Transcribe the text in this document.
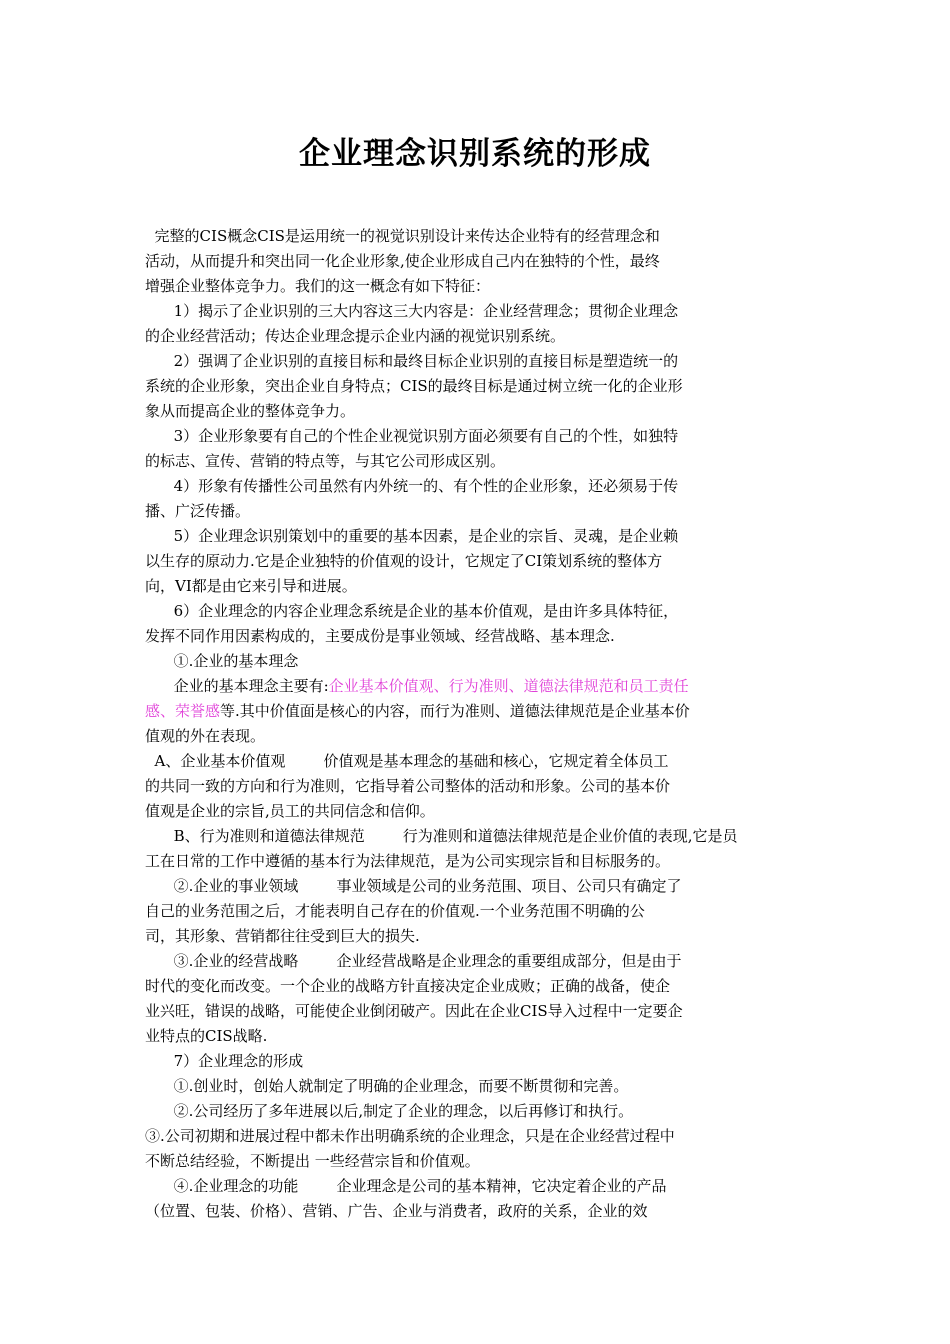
企业理念识别系统的形成
完整的CIS概念CIS是运用统一的视觉识别设计来传达企业特有的经营理念和
活动，从而提升和突出同一化企业形象,使企业形成自己内在独特的个性，最终
增强企业整体竞争力。我们的这一概念有如下特征：
1）揭示了企业识别的三大内容这三大内容是：企业经营理念；贯彻企业理念
的企业经营活动；传达企业理念提示企业内涵的视觉识别系统。
2）强调了企业识别的直接目标和最终目标企业识别的直接目标是塑造统一的
系统的企业形象，突出企业自身特点；CIS的最终目标是通过树立统一化的企业形
象从而提高企业的整体竞争力。
3）企业形象要有自己的个性企业视觉识别方面必须要有自己的个性，如独特
的标志、宣传、营销的特点等，与其它公司形成区别。
4）形象有传播性公司虽然有内外统一的、有个性的企业形象，还必须易于传
播、广泛传播。
5）企业理念识别策划中的重要的基本因素，是企业的宗旨、灵魂，是企业赖
以生存的原动力.它是企业独特的价值观的设计，它规定了CI策划系统的整体方
向，VI都是由它来引导和进展。
6）企业理念的内容企业理念系统是企业的基本价值观，是由许多具体特征，
发挥不同作用因素构成的，主要成份是事业领域、经营战略、基本理念.
①.企业的基本理念
企业的基本理念主要有:企业基本价值观、行为准则、道德法律规范和员工责任
感、荣誉感等.其中价值面是核心的内容，而行为准则、道德法律规范是企业基本价
值观的外在表现。
A、企业基本价值观        价值观是基本理念的基础和核心，它规定着全体员工
的共同一致的方向和行为准则，它指导着公司整体的活动和形象。公司的基本价
值观是企业的宗旨,员工的共同信念和信仰。
B、行为准则和道德法律规范        行为准则和道德法律规范是企业价值的表现,它是员
工在日常的工作中遵循的基本行为法律规范，是为公司实现宗旨和目标服务的。
②.企业的事业领域        事业领域是公司的业务范围、项目、公司只有确定了
自己的业务范围之后，才能表明自己存在的价值观.一个业务范围不明确的公
司，其形象、营销都往往受到巨大的损失.
③.企业的经营战略        企业经营战略是企业理念的重要组成部分，但是由于
时代的变化而改变。一个企业的战略方针直接决定企业成败；正确的战备，使企
业兴旺，错误的战略，可能使企业倒闭破产。因此在企业CIS导入过程中一定要企
业特点的CIS战略.
7）企业理念的形成
①.创业时，创始人就制定了明确的企业理念，而要不断贯彻和完善。
②.公司经历了多年进展以后,制定了企业的理念，以后再修订和执行。
③.公司初期和进展过程中都未作出明确系统的企业理念，只是在企业经营过程中
不断总结经验，不断提出 一些经营宗旨和价值观。
④.企业理念的功能        企业理念是公司的基本精神，它决定着企业的产品
（位置、包装、价格）、营销、广告、企业与消费者，政府的关系，企业的效
